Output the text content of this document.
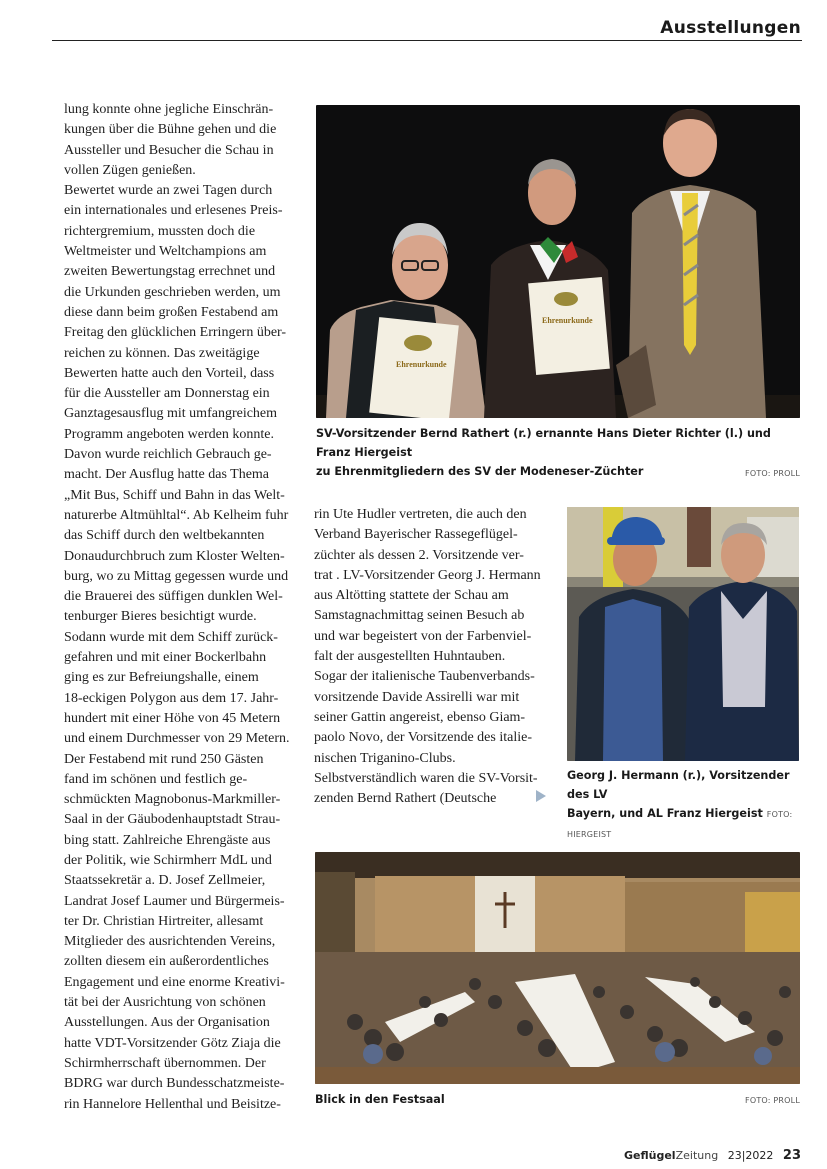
Ausstellungen

lung konnte ohne jegliche Einschrän-

kungen über die Bühne gehen und die

Aussteller und Besucher die Schau in

vollen Zügen genießen.

Bewertet wurde an zwei Tagen durch

ein internationales und erlesenes Preis-

richtergremium, mussten doch die

Weltmeister und Weltchampions am

zweiten Bewertungstag errechnet und

die Urkunden geschrieben werden, um

diese dann beim großen Festabend am

Freitag den glücklichen Erringern über-

reichen zu können. Das zweitägige

Bewerten hatte auch den Vorteil, dass

für die Aussteller am Donnerstag ein

Ganztagesausflug mit umfangreichem

Programm angeboten werden konnte.

Davon wurde reichlich Gebrauch ge-

macht. Der Ausflug hatte das Thema

„Mit Bus, Schiff und Bahn in das Welt-

naturerbe Altmühltal“. Ab Kelheim fuhr

das Schiff durch den weltbekannten

Donaudurchbruch zum Kloster Welten-

burg, wo zu Mittag gegessen wurde und

die Brauerei des süffigen dunklen Wel-

tenburger Bieres besichtigt wurde.

Sodann wurde mit dem Schiff zurück-

gefahren und mit einer Bockerlbahn

ging es zur Befreiungshalle, einem

18-eckigen Polygon aus dem 17. Jahr-

hundert mit einer Höhe von 45 Metern

und einem Durchmesser von 29 Metern.

Der Festabend mit rund 250 Gästen

fand im schönen und festlich ge-

schmückten Magnobonus-Markmiller-

Saal in der Gäubodenhauptstadt Strau-

bing statt. Zahlreiche Ehrengäste aus

der Politik, wie Schirmherr MdL und

Staatssekretär a. D. Josef Zellmeier,

Landrat Josef Laumer und Bürgermeis-

ter Dr. Christian Hirtreiter, allesamt

Mitglieder des ausrichtenden Vereins,

zollten diesem ein außerordentliches

Engagement und eine enorme Kreativi-

tät bei der Ausrichtung von schönen

Ausstellungen. Aus der Organisation

hatte VDT-Vorsitzender Götz Ziaja die

Schirmherrschaft übernommen. Der

BDRG war durch Bundesschatzmeiste-

rin Hannelore Hellenthal und Beisitze-

Ehrenurkunde
Ehrenurkunde
SV-Vorsitzender Bernd Rathert (r.) ernannte Hans Dieter Richter (l.) und Franz Hiergeist
zu Ehrenmitgliedern des SV der Modeneser-Züchter	FOTO: PROLL

rin Ute Hudler vertreten, die auch den

Verband Bayerischer Rassegeflügel-

züchter als dessen 2. Vorsitzende ver-

trat . LV-Vorsitzender Georg J. Hermann

aus Altötting stattete der Schau am

Samstagnachmittag seinen Besuch ab

und war begeistert von der Farbenviel-

falt der ausgestellten Huhntauben.

Sogar der italienische Taubenverbands-

vorsitzende Davide Assirelli war mit

seiner Gattin angereist, ebenso Giam-

paolo Novo, der Vorsitzende des italie-

nischen Triganino-Clubs.

Selbstverständlich waren die SV-Vorsit-

zenden Bernd Rathert (Deutsche

Georg J. Hermann (r.), Vorsitzender des LV
Bayern, und AL Franz Hiergeist FOTO: HIERGEIST
Blick in den Festsaal	FOTO: PROLL
GeflügelZeitung 23|2022 23
